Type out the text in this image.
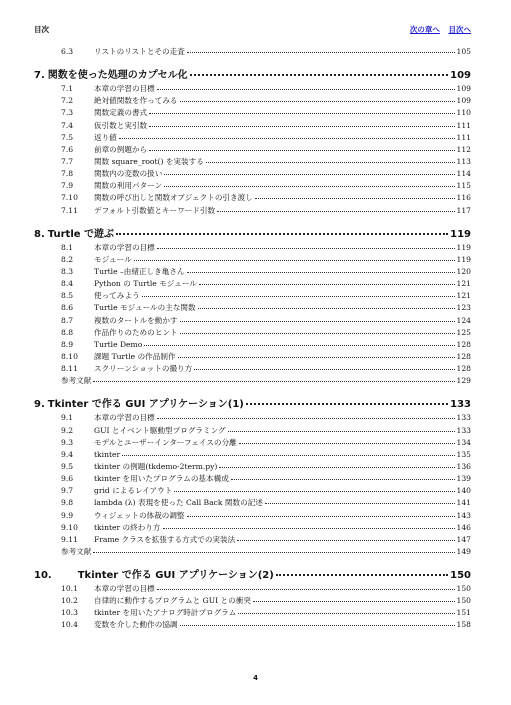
目次	次の章へ 目次へ
6.3	リストのリストとその走査	105
7. 関数を使った処理のカプセル化	109
7.1	本章の学習の目標	109
7.2	絶対値関数を作ってみる	109
7.3	関数定義の書式	110
7.4	仮引数と実引数	111
7.5	返り値	111
7.6	前章の例題から	112
7.7	関数 square_root() を実装する	113
7.8	関数内の変数の扱い	114
7.9	関数の利用パターン	115
7.10	関数の呼び出しと関数オブジェクトの引き渡し	116
7.11	デフォルト引数値とキーワード引数	117
8. Turtle で遊ぶ	119
8.1	本章の学習の目標	119
8.2	モジュール	119
8.3	Turtle –由緒正しき亀さん	120
8.4	Python の Turtle モジュール	121
8.5	使ってみよう	121
8.6	Turtle モジュールの主な関数	123
8.7	複数のタートルを動かす	124
8.8	作品作りのためのヒント	125
8.9	Turtle Demo	128
8.10	課題 Turtle の作品制作	128
8.11	スクリーンショットの撮り方	128
参考文献	129
9. Tkinter で作る GUI アプリケーション(1)	133
9.1	本章の学習の目標	133
9.2	GUI とイベント駆動型プログラミング	133
9.3	モデルとユーザーインターフェイスの分離	134
9.4	tkinter	135
9.5	tkinter の例題(tkdemo-2term.py)	136
9.6	tkinter を用いたプログラムの基本構成	139
9.7	grid によるレイアウト	140
9.8	lambda (λ) 表現を使った Call Back 関数の記述	141
9.9	ウィジェットの体裁の調整	143
9.10	tkinter の終わり方	146
9.11	Frame クラスを拡張する方式での実装法	147
参考文献	149
10.	Tkinter で作る GUI アプリケーション(2)	150
10.1	本章の学習の目標	150
10.2	自律的に動作するプログラムと GUI との衝突	150
10.3	tkinter を用いたアナログ時計プログラム	151
10.4	変数を介した動作の協調	158
4
